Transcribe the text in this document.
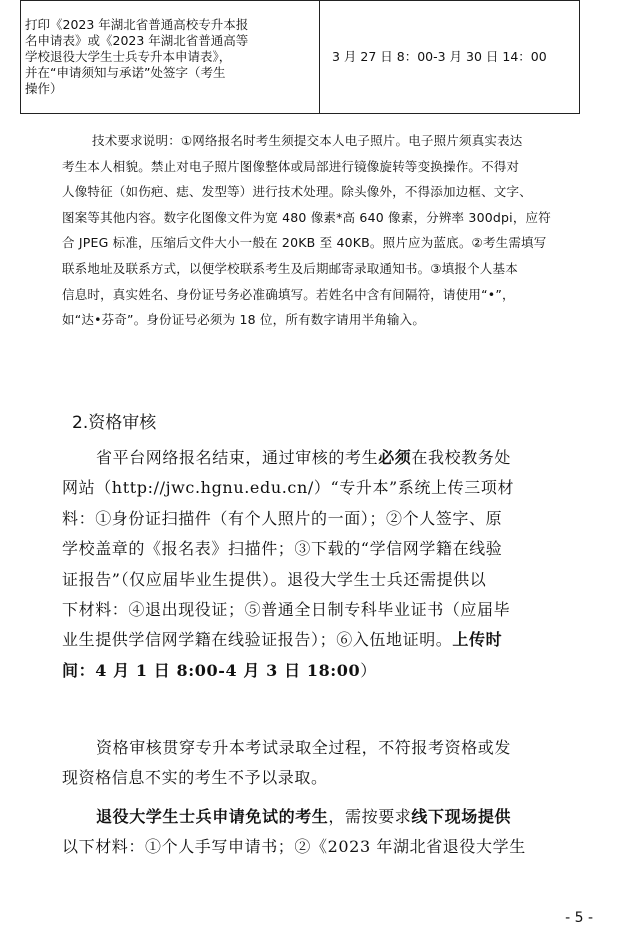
打印《2023 年湖北省普通高校专升本报
名申请表》或《2023 年湖北省普通高等
学校退役大学生士兵专升本申请表》，
并在“申请须知与承诺”处签字（考生
操作）
	3 月 27 日 8：00-3 月 30 日 14：00
技术要求说明：①网络报名时考生须提交本人电子照片。电子照片须真实表达
考生本人相貌。禁止对电子照片图像整体或局部进行镜像旋转等变换操作。不得对
人像特征（如伤疤、痣、发型等）进行技术处理。除头像外，不得添加边框、文字、
图案等其他内容。数字化图像文件为宽 480 像素*高 640 像素，分辨率 300dpi，应符
合 JPEG 标准，压缩后文件大小一般在 20KB 至 40KB。照片应为蓝底。②考生需填写
联系地址及联系方式，以便学校联系考生及后期邮寄录取通知书。③填报个人基本
信息时，真实姓名、身份证号务必准确填写。若姓名中含有间隔符，请使用“•”，
如“达•芬奇”。身份证号必须为 18 位，所有数字请用半角输入。
2.资格审核
省平台网络报名结束，通过审核的考生必须在我校教务处
网站（http://jwc.hgnu.edu.cn/）“专升本”系统上传三项材
料：①身份证扫描件（有个人照片的一面）；②个人签字、原
学校盖章的《报名表》扫描件；③下载的“学信网学籍在线验
证报告”（仅应届毕业生提供）。退役大学生士兵还需提供以
下材料：④退出现役证；⑤普通全日制专科毕业证书（应届毕
业生提供学信网学籍在线验证报告）；⑥入伍地证明。上传时
间：4 月 1 日 8:00-4 月 3 日 18:00）
资格审核贯穿专升本考试录取全过程，不符报考资格或发
现资格信息不实的考生不予以录取。
退役大学生士兵申请免试的考生，需按要求线下现场提供
以下材料：①个人手写申请书；②《2023 年湖北省退役大学生
- 5 -
